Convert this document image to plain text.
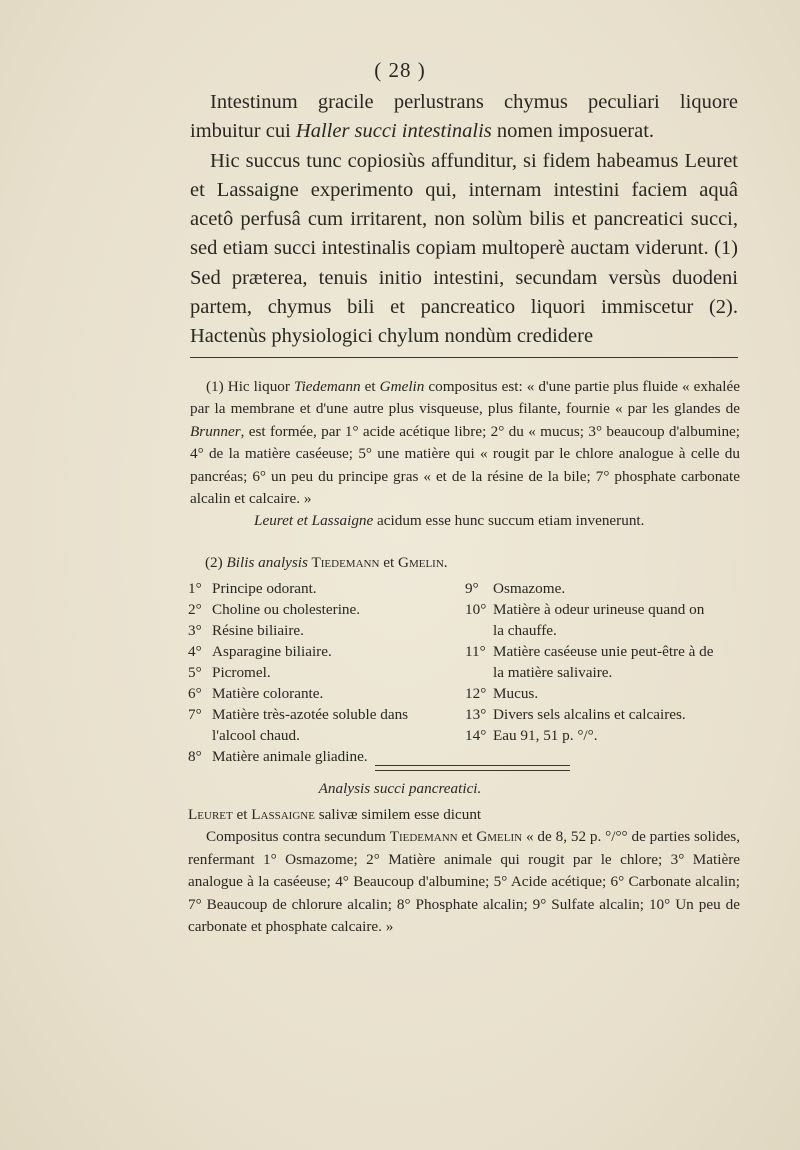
( 28 )

Intestinum gracile perlustrans chymus peculiari liquore imbuitur cui Haller succi intestinalis nomen imposuerat.

Hic succus tunc copiosiùs affunditur, si fidem habeamus Leuret et Lassaigne experimento qui, internam intestini faciem aquâ acetô perfusâ cum irritarent, non solùm bilis et pancreatici succi, sed etiam succi intestinalis copiam multoperè auctam viderunt. (1) Sed præterea, tenuis initio intestini, secundam versùs duodeni partem, chymus bili et pancreatico liquori immiscetur (2). Hactenùs physiologici chylum nondùm credidere

(1) Hic liquor Tiedemann et Gmelin compositus est: « d'une partie plus fluide « exhalée par la membrane et d'une autre plus visqueuse, plus filante, fournie « par les glandes de Brunner, est formée, par 1° acide acétique libre; 2° du « mucus; 3° beaucoup d'albumine; 4° de la matière caséeuse; 5° une matière qui « rougit par le chlore analogue à celle du pancréas; 6° un peu du principe gras « et de la résine de la bile; 7° phosphate carbonate alcalin et calcaire. »

Leuret et Lassaigne acidum esse hunc succum etiam invenerunt.

(2) Bilis analysis Tiedemann et Gmelin.
1° Principe odorant.
2° Choline ou cholesterine.
3° Résine biliaire.
4° Asparagine biliaire.
5° Picromel.
6° Matière colorante.
7° Matière très-azotée soluble dans
l'alcool chaud.
8° Matière animale gliadine.
9° Osmazome.
10° Matière à odeur urineuse quand on
la chauffe.
11° Matière caséeuse unie peut-être à de
la matière salivaire.
12° Mucus.
13° Divers sels alcalins et calcaires.
14° Eau 91, 51 p. °/°.
Analysis succi pancreatici.

Leuret et Lassaigne salivæ similem esse dicunt

Compositus contra secundum Tiedemann et Gmelin « de 8, 52 p. °/°° de parties solides, renfermant 1° Osmazome; 2° Matière animale qui rougit par le chlore; 3° Matière analogue à la caséeuse; 4° Beaucoup d'albumine; 5° Acide acétique; 6° Carbonate alcalin; 7° Beaucoup de chlorure alcalin; 8° Phosphate alcalin; 9° Sulfate alcalin; 10° Un peu de carbonate et phosphate calcaire. »
